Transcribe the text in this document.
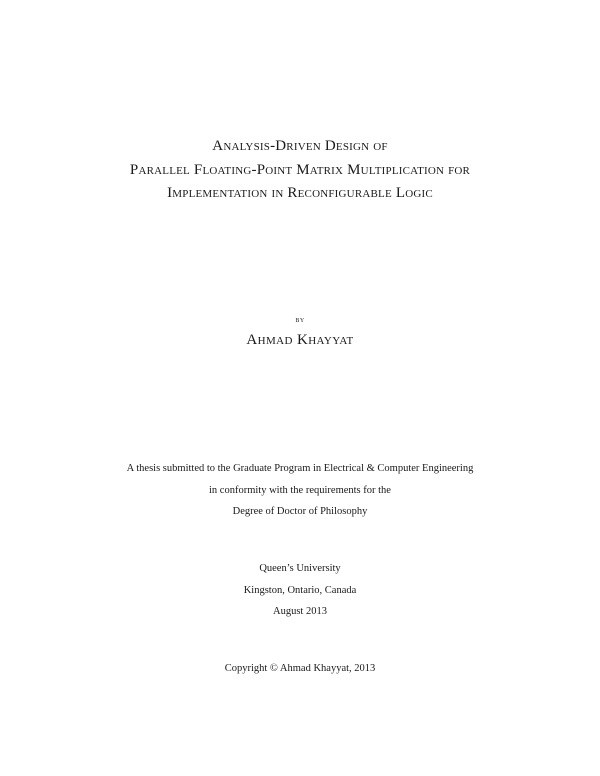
Analysis-Driven Design of
Parallel Floating-Point Matrix Multiplication for
Implementation in Reconfigurable Logic
by
Ahmad Khayyat
A thesis submitted to the Graduate Program in Electrical & Computer Engineering
in conformity with the requirements for the
Degree of Doctor of Philosophy
Queen’s University
Kingston, Ontario, Canada
August 2013
Copyright © Ahmad Khayyat, 2013
